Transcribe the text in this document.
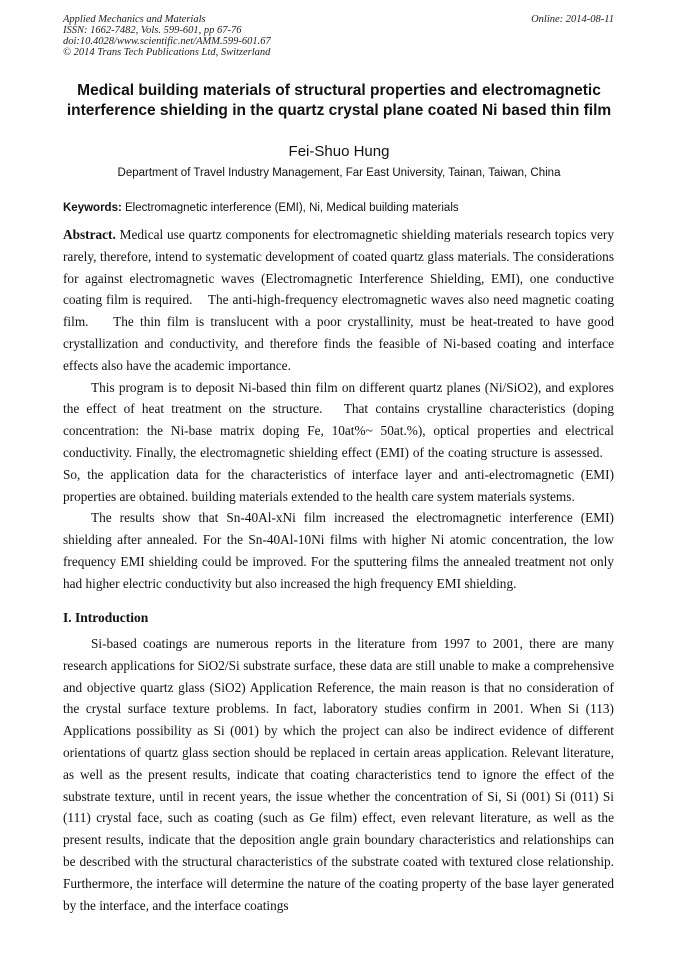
Applied Mechanics and Materials
ISSN: 1662-7482, Vols. 599-601, pp 67-76
doi:10.4028/www.scientific.net/AMM.599-601.67
© 2014 Trans Tech Publications Ltd, Switzerland
Online: 2014-08-11
Medical building materials of structural properties and electromagnetic interference shielding in the quartz crystal plane coated Ni based thin film
Fei-Shuo Hung
Department of Travel Industry Management, Far East University, Tainan, Taiwan, China
Keywords: Electromagnetic interference (EMI), Ni, Medical building materials

Abstract. Medical use quartz components for electromagnetic shielding materials research topics very rarely, therefore, intend to systematic development of coated quartz glass materials. The considerations for against electromagnetic waves (Electromagnetic Interference Shielding, EMI), one conductive coating film is required.    The anti-high-frequency electromagnetic waves also need magnetic coating film.    The thin film is translucent with a poor crystallinity, must be heat-treated to have good crystallization and conductivity, and therefore finds the feasible of Ni-based coating and interface effects also have the academic importance.

This program is to deposit Ni-based thin film on different quartz planes (Ni/SiO2), and explores the effect of heat treatment on the structure.   That contains crystalline characteristics (doping concentration: the Ni-base matrix doping Fe, 10at%~ 50at.%), optical properties and electrical conductivity. Finally, the electromagnetic shielding effect (EMI) of the coating structure is assessed.    So, the application data for the characteristics of interface layer and anti-electromagnetic (EMI) properties are obtained. building materials extended to the health care system materials systems.

The results show that Sn-40Al-xNi film increased the electromagnetic interference (EMI) shielding after annealed. For the Sn-40Al-10Ni films with higher Ni atomic concentration, the low frequency EMI shielding could be improved. For the sputtering films the annealed treatment not only had higher electric conductivity but also increased the high frequency EMI shielding.

I. Introduction

Si-based coatings are numerous reports in the literature from 1997 to 2001, there are many research applications for SiO2/Si substrate surface, these data are still unable to make a comprehensive and objective quartz glass (SiO2) Application Reference, the main reason is that no consideration of the crystal surface texture problems. In fact, laboratory studies confirm in 2001. When Si (113) Applications possibility as Si (001) by which the project can also be indirect evidence of different orientations of quartz glass section should be replaced in certain areas application. Relevant literature, as well as the present results, indicate that coating characteristics tend to ignore the effect of the substrate texture, until in recent years, the issue whether the concentration of Si, Si (001) Si (011) Si (111) crystal face, such as coating (such as Ge film) effect, even relevant literature, as well as the present results, indicate that the deposition angle grain boundary characteristics and relationships can be described with the structural characteristics of the substrate coated with textured close relationship. Furthermore, the interface will determine the nature of the coating property of the base layer generated by the interface, and the interface coatings
